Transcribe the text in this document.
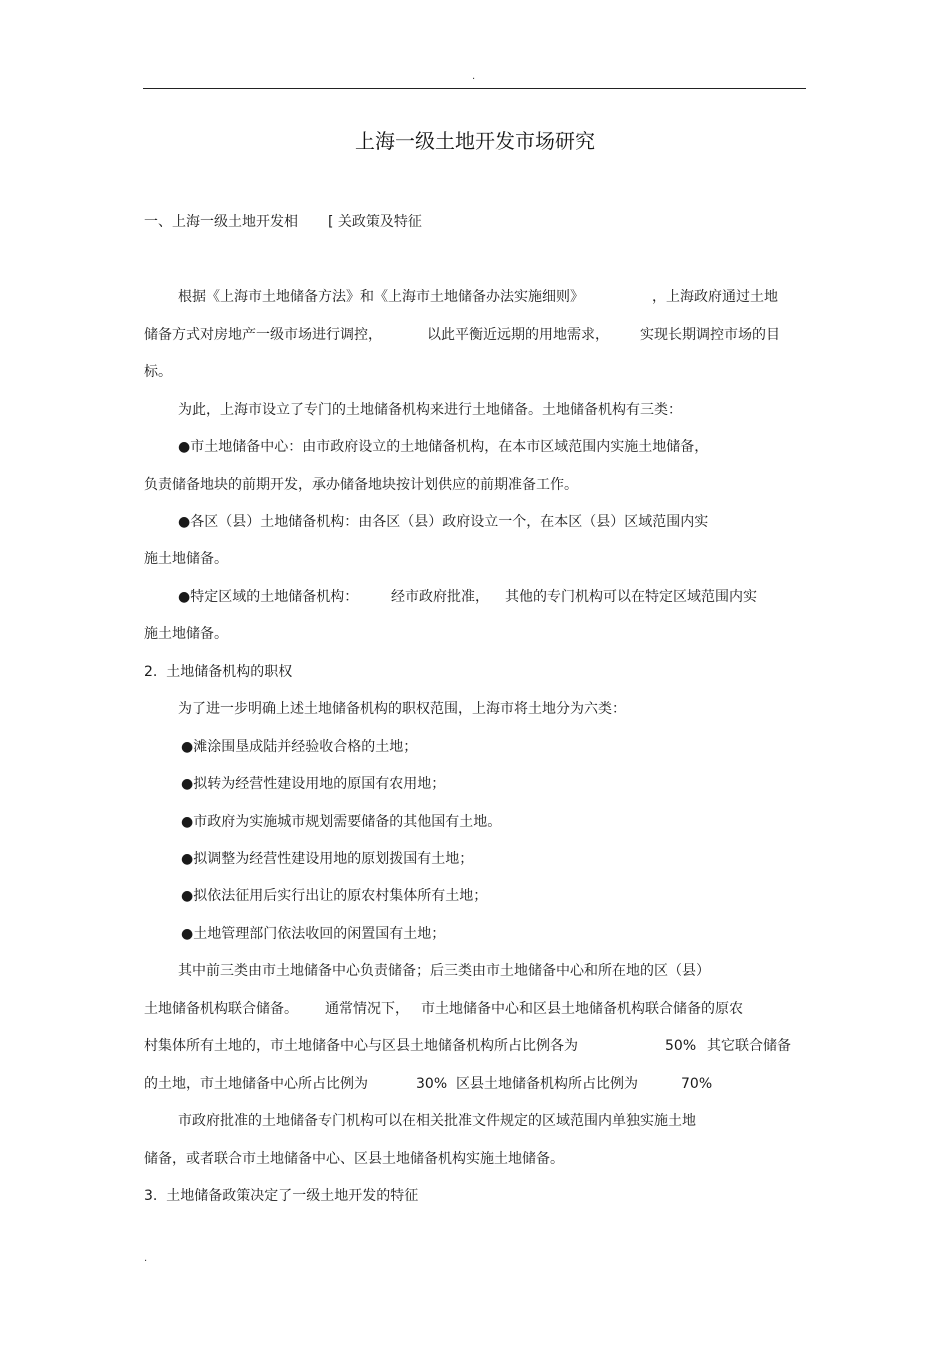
.
上海一级土地开发市场研究
一、上海一级土地开发相 [ 关政策及特征
根据《上海市土地储备方法》和《上海市土地储备办法实施细则》	，上海政府通过土地
储备方式对房地产一级市场进行调控，	以此平衡近远期的用地需求， 实现长期调控市场的目
标。
为此，上海市设立了专门的土地储备机构来进行土地储备。土地储备机构有三类：
●市土地储备中心：由市政府设立的土地储备机构，在本市区域范围内实施土地储备，
负责储备地块的前期开发，承办储备地块按计划供应的前期准备工作。
●各区（县）土地储备机构：由各区（县）政府设立一个，在本区（县）区域范围内实
施土地储备。
●特定区域的土地储备机构： 经市政府批准， 其他的专门机构可以在特定区域范围内实
施土地储备。
2.  土地储备机构的职权
为了进一步明确上述土地储备机构的职权范围，上海市将土地分为六类：
●滩涂围垦成陆并经验收合格的土地；
●拟转为经营性建设用地的原国有农用地；
●市政府为实施城市规划需要储备的其他国有土地。
●拟调整为经营性建设用地的原划拨国有土地；
●拟依法征用后实行出让的原农村集体所有土地；
●土地管理部门依法收回的闲置国有土地；
其中前三类由市土地储备中心负责储备；后三类由市土地储备中心和所在地的区（县）
土地储备机构联合储备。 通常情况下， 市土地储备中心和区县土地储备机构联合储备的原农
村集体所有土地的，市土地储备中心与区县土地储备机构所占比例各为	50% 其它联合储备
的土地，市土地储备中心所占比例为	30% 区县土地储备机构所占比例为	70%
市政府批准的土地储备专门机构可以在相关批准文件规定的区域范围内单独实施土地
储备，或者联合市土地储备中心、区县土地储备机构实施土地储备。
3.  土地储备政策决定了一级土地开发的特征
.
